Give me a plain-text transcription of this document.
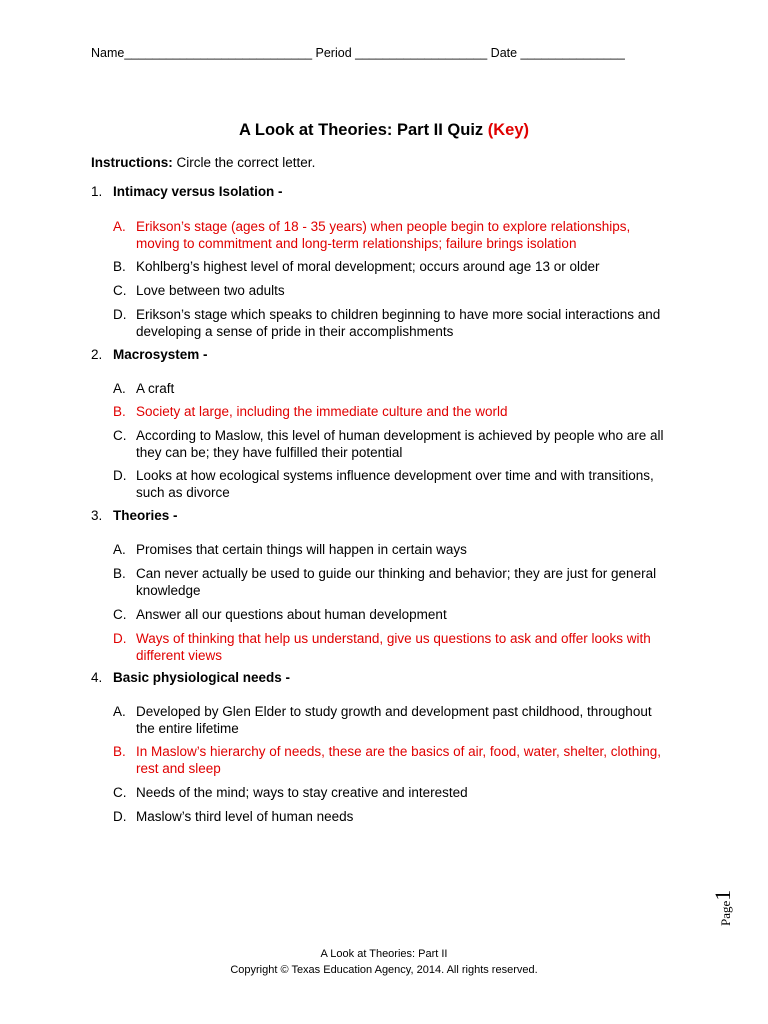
Name___________________________ Period ___________________ Date _______________
A Look at Theories: Part II Quiz (Key)
Instructions: Circle the correct letter.
1. Intimacy versus Isolation -
A. Erikson’s stage (ages of 18 - 35 years) when people begin to explore relationships, moving to commitment and long-term relationships; failure brings isolation
B. Kohlberg’s highest level of moral development; occurs around age 13 or older
C. Love between two adults
D. Erikson’s stage which speaks to children beginning to have more social interactions and developing a sense of pride in their accomplishments
2. Macrosystem -
A. A craft
B. Society at large, including the immediate culture and the world
C. According to Maslow, this level of human development is achieved by people who are all they can be; they have fulfilled their potential
D. Looks at how ecological systems influence development over time and with transitions, such as divorce
3. Theories -
A. Promises that certain things will happen in certain ways
B. Can never actually be used to guide our thinking and behavior; they are just for general knowledge
C. Answer all our questions about human development
D. Ways of thinking that help us understand, give us questions to ask and offer looks with different views
4. Basic physiological needs -
A. Developed by Glen Elder to study growth and development past childhood, throughout the entire lifetime
B. In Maslow’s hierarchy of needs, these are the basics of air, food, water, shelter, clothing, rest and sleep
C. Needs of the mind; ways to stay creative and interested
D. Maslow’s third level of human needs
Page1
A Look at Theories: Part II
Copyright © Texas Education Agency, 2014. All rights reserved.
